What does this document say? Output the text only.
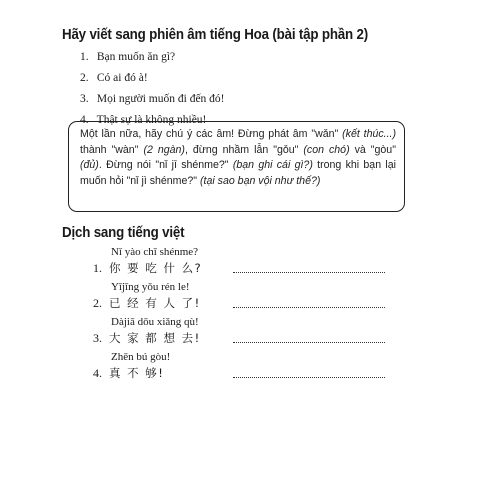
Hãy viết sang phiên âm tiếng Hoa (bài tập phần 2)
1. Bạn muốn ăn gì?
2. Có ai đó à!
3. Mọi người muốn đi đến đó!
4. Thật sự là không nhiều!
Một lần nữa, hãy chú ý các âm! Đừng phát âm "wǎn" (kết thúc...) thành "wàn" (2 ngàn), đừng nhầm lẫn "gǒu" (con chó) và "gòu" (đủ). Đừng nói "nǐ jī shénme?" (bạn ghi cái gì?) trong khi bạn lại muốn hỏi "nǐ jì shénme?" (tại sao bạn vội như thế?)
Dịch sang tiếng việt
Nǐ yào chī shénme?
1. 你 要 吃 什 么?
Yījīng yǒu rén le!
2. 已 经 有 人 了!
Dàjiā dōu xiǎng qù!
3. 大 家 都 想 去!
Zhēn bú gòu!
4. 真 不 够!
